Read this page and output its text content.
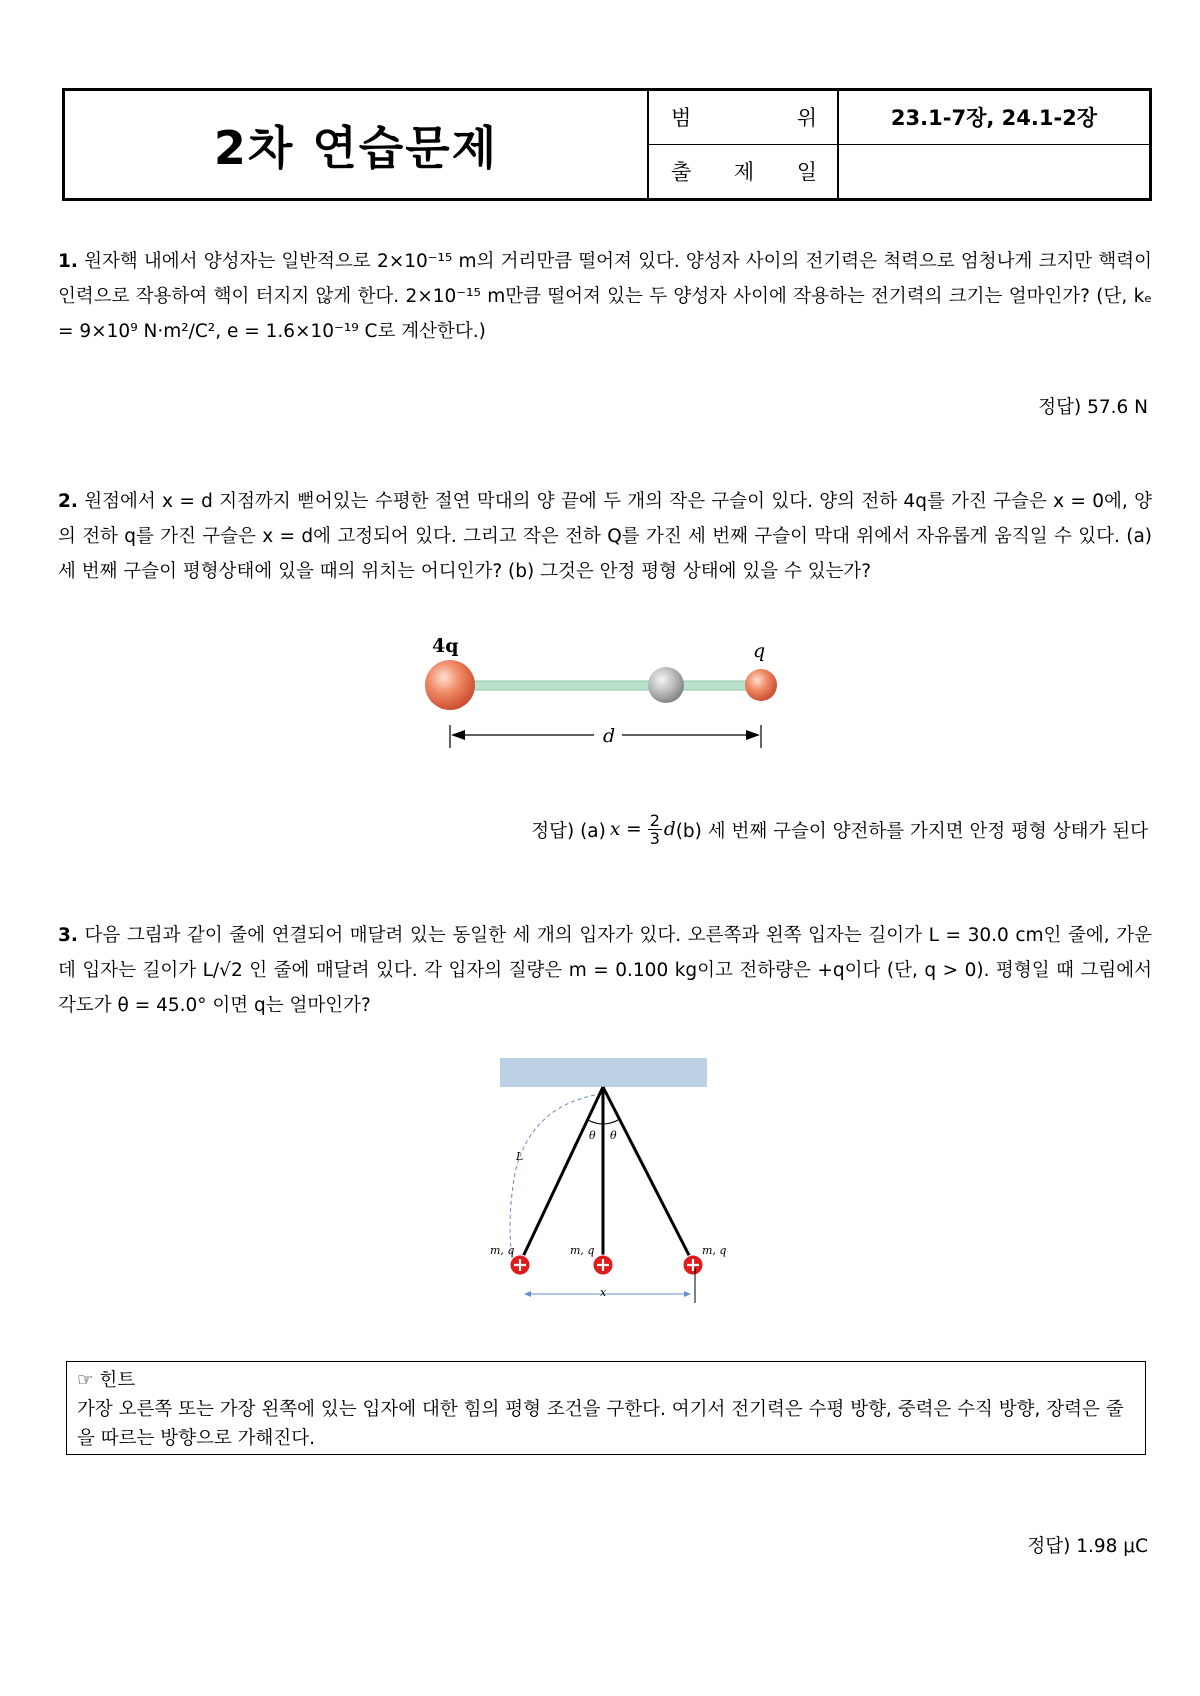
2차 연습문제
범	위	23.1-7장, 24.1-2장
출 제 일
1. 원자핵 내에서 양성자는 일반적으로 2×10⁻¹⁵ m의 거리만큼 떨어져 있다. 양성자 사이의 전기력은 척력으로 엄청나게 크지만 핵력이 인력으로 작용하여 핵이 터지지 않게 한다. 2×10⁻¹⁵ m만큼 떨어져 있는 두 양성자 사이에 작용하는 전기력의 크기는 얼마인가? (단, kₑ = 9×10⁹ N·m²/C², e = 1.6×10⁻¹⁹ C로 계산한다.)
정답) 57.6 N
2. 원점에서 x = d 지점까지 뻗어있는 수평한 절연 막대의 양 끝에 두 개의 작은 구슬이 있다. 양의 전하 4q를 가진 구슬은 x = 0에, 양의 전하 q를 가진 구슬은 x = d에 고정되어 있다. 그리고 작은 전하 Q를 가진 세 번째 구슬이 막대 위에서 자유롭게 움직일 수 있다. (a) 세 번째 구슬이 평형상태에 있을 때의 위치는 어디인가? (b) 그것은 안정 평형 상태에 있을 수 있는가?
4q	q
d
정답) (a) $x = \frac{2}{3}$ d (b) 세 번째 구슬이 양전하를 가지면 안정 평형 상태가 된다
3. 다음 그림과 같이 줄에 연결되어 매달려 있는 동일한 세 개의 입자가 있다. 오른쪽과 왼쪽 입자는 길이가 L = 30.0 cm인 줄에, 가운데 입자는 길이가 L/√2 인 줄에 매달려 있다. 각 입자의 질량은 m = 0.100 kg이고 전하량은 +q이다 (단, q > 0). 평형일 때 그림에서 각도가 θ = 45.0° 이면 q는 얼마인가?
L
θ θ
m, q	m, q	m, q
x
☞ 힌트
가장 오른쪽 또는 가장 왼쪽에 있는 입자에 대한 힘의 평형 조건을 구한다. 여기서 전기력은 수평 방향, 중력은 수직 방향, 장력은 줄을 따르는 방향으로 가해진다.
정답) 1.98 μC
